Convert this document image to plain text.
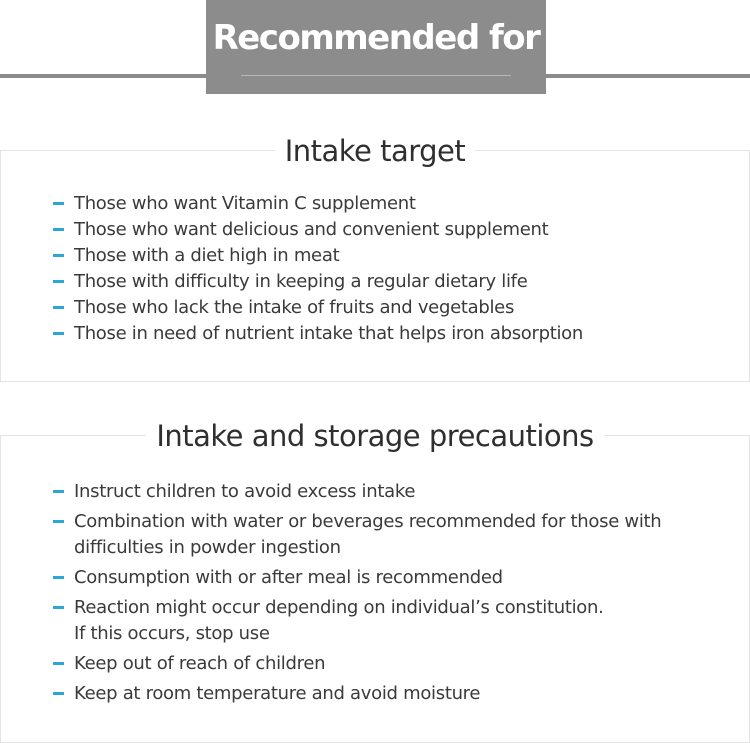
Recommended for
Intake target
Those who want Vitamin C supplement
Those who want delicious and convenient supplement
Those with a diet high in meat
Those with difficulty in keeping a regular dietary life
Those who lack the intake of fruits and vegetables
Those in need of nutrient intake that helps iron absorption
Intake and storage precautions
Instruct children to avoid excess intake
Combination with water or beverages recommended for those with
difficulties in powder ingestion
Consumption with or after meal is recommended
Reaction might occur depending on individual’s constitution.
If this occurs, stop use
Keep out of reach of children
Keep at room temperature and avoid moisture
